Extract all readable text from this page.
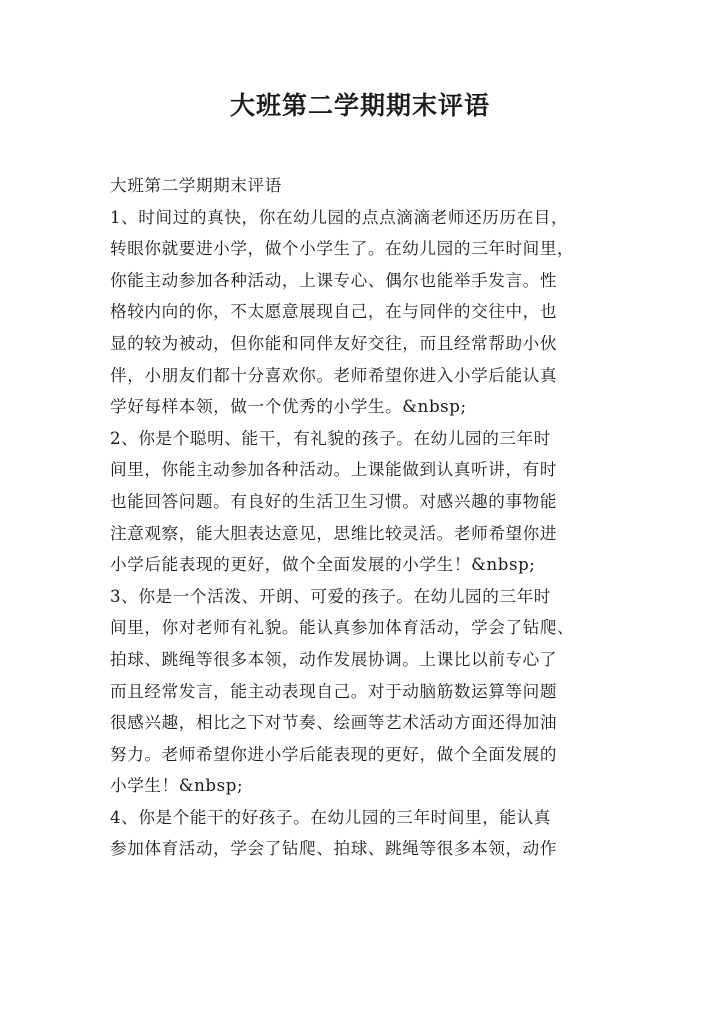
大班第二学期期末评语
大班第二学期期末评语
1、时间过的真快，你在幼儿园的点点滴滴老师还历历在目，
转眼你就要进小学，做个小学生了。在幼儿园的三年时间里，
你能主动参加各种活动，上课专心、偶尔也能举手发言。性
格较内向的你，不太愿意展现自己，在与同伴的交往中，也
显的较为被动，但你能和同伴友好交往，而且经常帮助小伙
伴，小朋友们都十分喜欢你。老师希望你进入小学后能认真
学好每样本领，做一个优秀的小学生。&nbsp;
2、你是个聪明、能干，有礼貌的孩子。在幼儿园的三年时
间里，你能主动参加各种活动。上课能做到认真听讲，有时
也能回答问题。有良好的生活卫生习惯。对感兴趣的事物能
注意观察，能大胆表达意见，思维比较灵活。老师希望你进
小学后能表现的更好，做个全面发展的小学生！&nbsp;
3、你是一个活泼、开朗、可爱的孩子。在幼儿园的三年时
间里，你对老师有礼貌。能认真参加体育活动，学会了钻爬、
拍球、跳绳等很多本领，动作发展协调。上课比以前专心了
而且经常发言，能主动表现自己。对于动脑筋数运算等问题
很感兴趣，相比之下对节奏、绘画等艺术活动方面还得加油
努力。老师希望你进小学后能表现的更好，做个全面发展的
小学生！&nbsp;
4、你是个能干的好孩子。在幼儿园的三年时间里，能认真
参加体育活动，学会了钻爬、拍球、跳绳等很多本领，动作
